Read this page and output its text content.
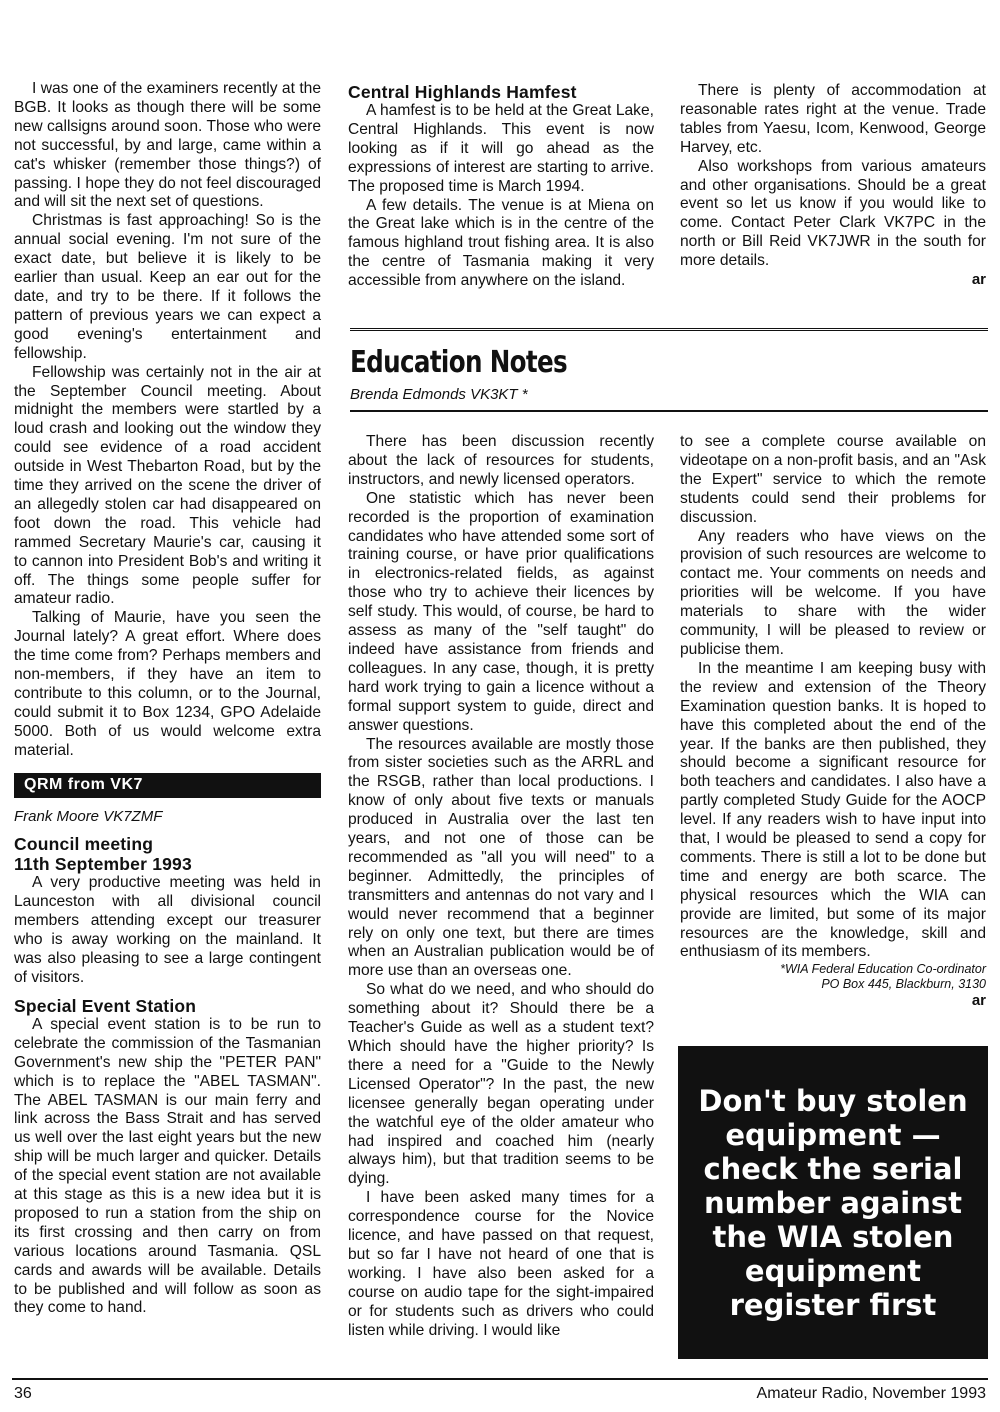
I was one of the examiners recently at the BGB. It looks as though there will be some new callsigns around soon. Those who were not successful, by and large, came within a cat's whisker (remember those things?) of passing. I hope they do not feel discouraged and will sit the next set of questions.

Christmas is fast approaching! So is the annual social evening. I'm not sure of the exact date, but believe it is likely to be earlier than usual. Keep an ear out for the date, and try to be there. If it follows the pattern of previous years we can expect a good evening's entertainment and fellowship.

Fellowship was certainly not in the air at the September Council meeting. About midnight the members were startled by a loud crash and looking out the window they could see evidence of a road accident outside in West Thebarton Road, but by the time they arrived on the scene the driver of an allegedly stolen car had disappeared on foot down the road. This vehicle had rammed Secretary Maurie's car, causing it to cannon into President Bob's and writing it off. The things some people suffer for amateur radio.

Talking of Maurie, have you seen the Journal lately? A great effort. Where does the time come from? Perhaps members and non-members, if they have an item to contribute to this column, or to the Journal, could submit it to Box 1234, GPO Adelaide 5000. Both of us would welcome extra material.

QRM from VK7

Frank Moore VK7ZMF

Council meeting

11th September 1993

A very productive meeting was held in Launceston with all divisional council members attending except our treasurer who is away working on the mainland. It was also pleasing to see a large contingent of visitors.

Special Event Station

A special event station is to be run to celebrate the commission of the Tasmanian Government's new ship the "PETER PAN" which is to replace the "ABEL TASMAN". The ABEL TASMAN is our main ferry and link across the Bass Strait and has served us well over the last eight years but the new ship will be much larger and quicker. Details of the special event station are not available at this stage as this is a new idea but it is proposed to run a station from the ship on its first crossing and then carry on from various locations around Tasmania. QSL cards and awards will be available. Details to be published and will follow as soon as they come to hand.

Central Highlands Hamfest

A hamfest is to be held at the Great Lake, Central Highlands. This event is now looking as if it will go ahead as the expressions of interest are starting to arrive. The proposed time is March 1994.

A few details. The venue is at Miena on the Great lake which is in the centre of the famous highland trout fishing area. It is also the centre of Tasmania making it very accessible from anywhere on the island.

There is plenty of accommodation at reasonable rates right at the venue. Trade tables from Yaesu, Icom, Kenwood, George Harvey, etc.

Also workshops from various amateurs and other organisations. Should be a great event so let us know if you would like to come. Contact Peter Clark VK7PC in the north or Bill Reid VK7JWR in the south for more details.

ar

Education Notes

Brenda Edmonds VK3KT *

There has been discussion recently about the lack of resources for students, instructors, and newly licensed operators.

One statistic which has never been recorded is the proportion of examination candidates who have attended some sort of training course, or have prior qualifications in electronics-related fields, as against those who try to achieve their licences by self study. This would, of course, be hard to assess as many of the "self taught" do indeed have assistance from friends and colleagues. In any case, though, it is pretty hard work trying to gain a licence without a formal support system to guide, direct and answer questions.

The resources available are mostly those from sister societies such as the ARRL and the RSGB, rather than local productions. I know of only about five texts or manuals produced in Australia over the last ten years, and not one of those can be recommended as "all you will need" to a beginner. Admittedly, the principles of transmitters and antennas do not vary and I would never recommend that a beginner rely on only one text, but there are times when an Australian publication would be of more use than an overseas one.

So what do we need, and who should do something about it? Should there be a Teacher's Guide as well as a student text? Which should have the higher priority? Is there a need for a "Guide to the Newly Licensed Operator"? In the past, the new licensee generally began operating under the watchful eye of the older amateur who had inspired and coached him (nearly always him), but that tradition seems to be dying.

I have been asked many times for a correspondence course for the Novice licence, and have passed on that request, but so far I have not heard of one that is working. I have also been asked for a course on audio tape for the sight-impaired or for students such as drivers who could listen while driving. I would like

to see a complete course available on videotape on a non-profit basis, and an "Ask the Expert" service to which the remote students could send their problems for discussion.

Any readers who have views on the provision of such resources are welcome to contact me. Your comments on needs and priorities will be welcome. If you have materials to share with the wider community, I will be pleased to review or publicise them.

In the meantime I am keeping busy with the review and extension of the Theory Examination question banks. It is hoped to have this completed about the end of the year. If the banks are then published, they should become a significant resource for both teachers and candidates. I also have a partly completed Study Guide for the AOCP level. If any readers wish to have input into that, I would be pleased to send a copy for comments. There is still a lot to be done but time and energy are both scarce. The physical resources which the WIA can provide are limited, but some of its major resources are the knowledge, skill and enthusiasm of its members.

*WIA Federal Education Co-ordinator

PO Box 445, Blackburn, 3130

ar

Don't buy stolen equipment — check the serial number against the WIA stolen equipment register first

36	Amateur Radio, November 1993
